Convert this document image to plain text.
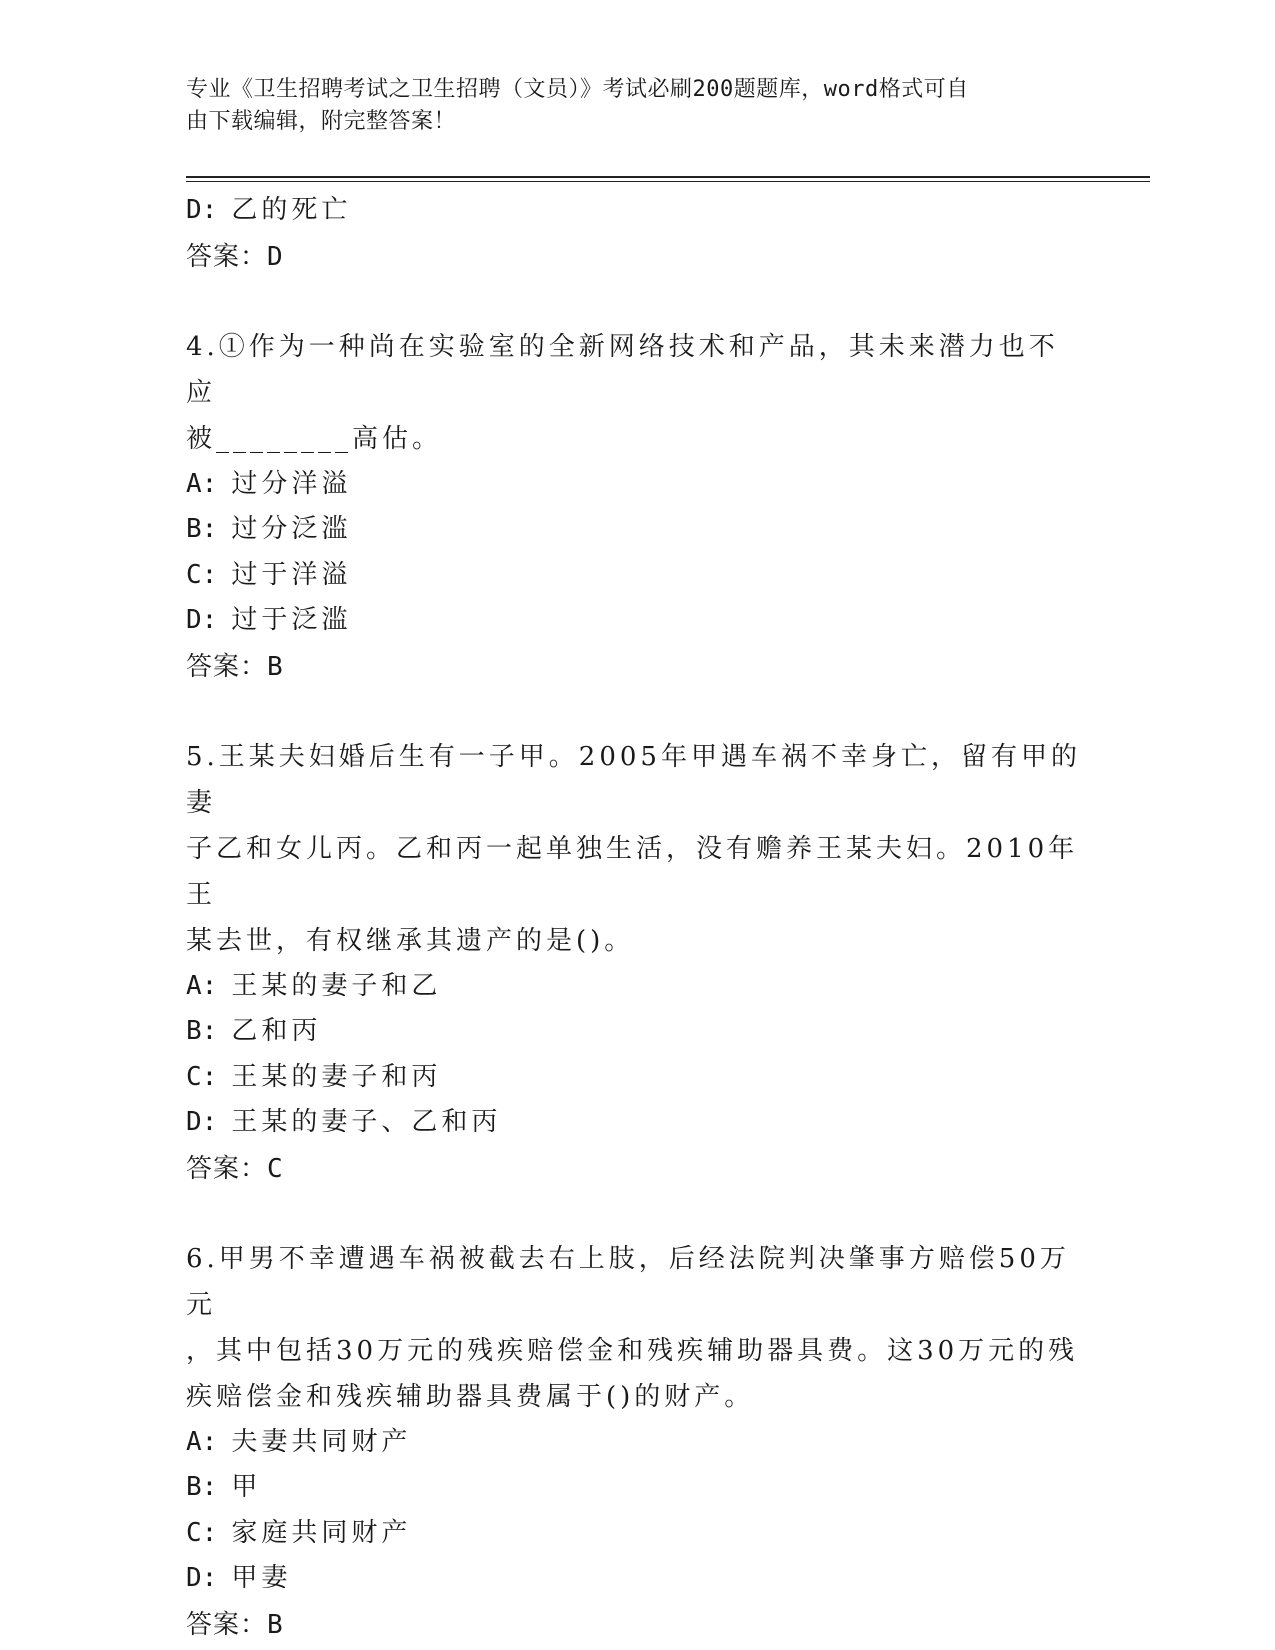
专业《卫生招聘考试之卫生招聘（文员）》考试必刷200题题库，word格式可自
由下载编辑，附完整答案！
D: 乙的死亡
答案：D
4.①作为一种尚在实验室的全新网络技术和产品，其未来潜力也不应
被________高估。
A: 过分洋溢
B: 过分泛滥
C: 过于洋溢
D: 过于泛滥
答案：B
5.王某夫妇婚后生有一子甲。2005年甲遇车祸不幸身亡，留有甲的妻
子乙和女儿丙。乙和丙一起单独生活，没有赡养王某夫妇。2010年王
某去世，有权继承其遗产的是()。
A: 王某的妻子和乙
B: 乙和丙
C: 王某的妻子和丙
D: 王某的妻子、乙和丙
答案：C
6.甲男不幸遭遇车祸被截去右上肢，后经法院判决肇事方赔偿50万元
，其中包括30万元的残疾赔偿金和残疾辅助器具费。这30万元的残
疾赔偿金和残疾辅助器具费属于()的财产。
A: 夫妻共同财产
B: 甲
C: 家庭共同财产
D: 甲妻
答案：B
